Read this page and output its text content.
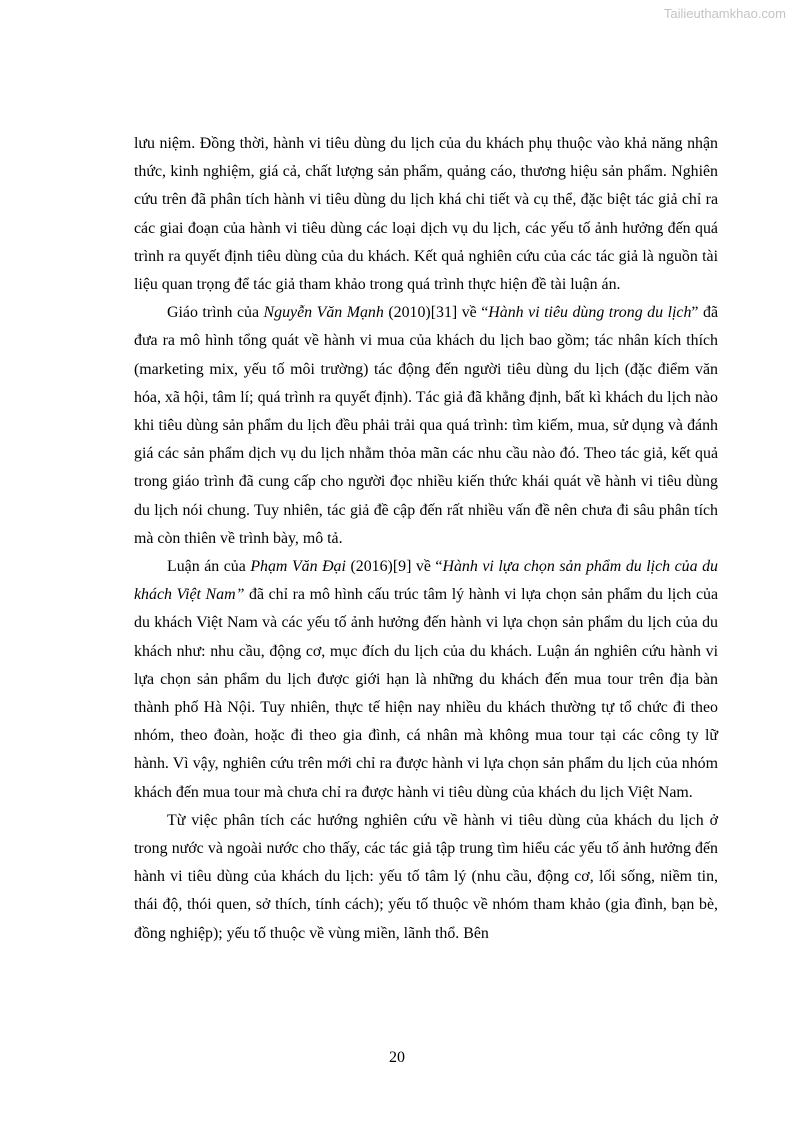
Tailieuthamkhao.com

lưu niệm. Đồng thời, hành vi tiêu dùng du lịch của du khách phụ thuộc vào khả năng nhận thức, kinh nghiệm, giá cả, chất lượng sản phẩm, quảng cáo, thương hiệu sản phẩm. Nghiên cứu trên đã phân tích hành vi tiêu dùng du lịch khá chi tiết và cụ thể, đặc biệt tác giả chỉ ra các giai đoạn của hành vi tiêu dùng các loại dịch vụ du lịch, các yếu tố ảnh hưởng đến quá trình ra quyết định tiêu dùng của du khách. Kết quả nghiên cứu của các tác giả là nguồn tài liệu quan trọng để tác giả tham khảo trong quá trình thực hiện đề tài luận án.

Giáo trình của Nguyễn Văn Mạnh (2010)[31] về “Hành vi tiêu dùng trong du lịch” đã đưa ra mô hình tổng quát về hành vi mua của khách du lịch bao gồm; tác nhân kích thích (marketing mix, yếu tố môi trường) tác động đến người tiêu dùng du lịch (đặc điểm văn hóa, xã hội, tâm lí; quá trình ra quyết định). Tác giả đã khẳng định, bất kì khách du lịch nào khi tiêu dùng sản phẩm du lịch đều phải trải qua quá trình: tìm kiếm, mua, sử dụng và đánh giá các sản phẩm dịch vụ du lịch nhằm thỏa mãn các nhu cầu nào đó. Theo tác giả, kết quả trong giáo trình đã cung cấp cho người đọc nhiều kiến thức khái quát về hành vi tiêu dùng du lịch nói chung. Tuy nhiên, tác giả đề cập đến rất nhiều vấn đề nên chưa đi sâu phân tích mà còn thiên về trình bày, mô tả.

Luận án của Phạm Văn Đại (2016)[9] về “Hành vi lựa chọn sản phẩm du lịch của du khách Việt Nam” đã chỉ ra mô hình cấu trúc tâm lý hành vi lựa chọn sản phẩm du lịch của du khách Việt Nam và các yếu tố ảnh hưởng đến hành vi lựa chọn sản phẩm du lịch của du khách như: nhu cầu, động cơ, mục đích du lịch của du khách. Luận án nghiên cứu hành vi lựa chọn sản phẩm du lịch được giới hạn là những du khách đến mua tour trên địa bàn thành phố Hà Nội. Tuy nhiên, thực tế hiện nay nhiều du khách thường tự tổ chức đi theo nhóm, theo đoàn, hoặc đi theo gia đình, cá nhân mà không mua tour tại các công ty lữ hành. Vì vậy, nghiên cứu trên mới chỉ ra được hành vi lựa chọn sản phẩm du lịch của nhóm khách đến mua tour mà chưa chỉ ra được hành vi tiêu dùng của khách du lịch Việt Nam.

Từ việc phân tích các hướng nghiên cứu về hành vi tiêu dùng của khách du lịch ở trong nước và ngoài nước cho thấy, các tác giả tập trung tìm hiểu các yếu tố ảnh hưởng đến hành vi tiêu dùng của khách du lịch: yếu tố tâm lý (nhu cầu, động cơ, lối sống, niềm tin, thái độ, thói quen, sở thích, tính cách); yếu tố thuộc về nhóm tham khảo (gia đình, bạn bè, đồng nghiệp); yếu tố thuộc về vùng miền, lãnh thổ. Bên

20
